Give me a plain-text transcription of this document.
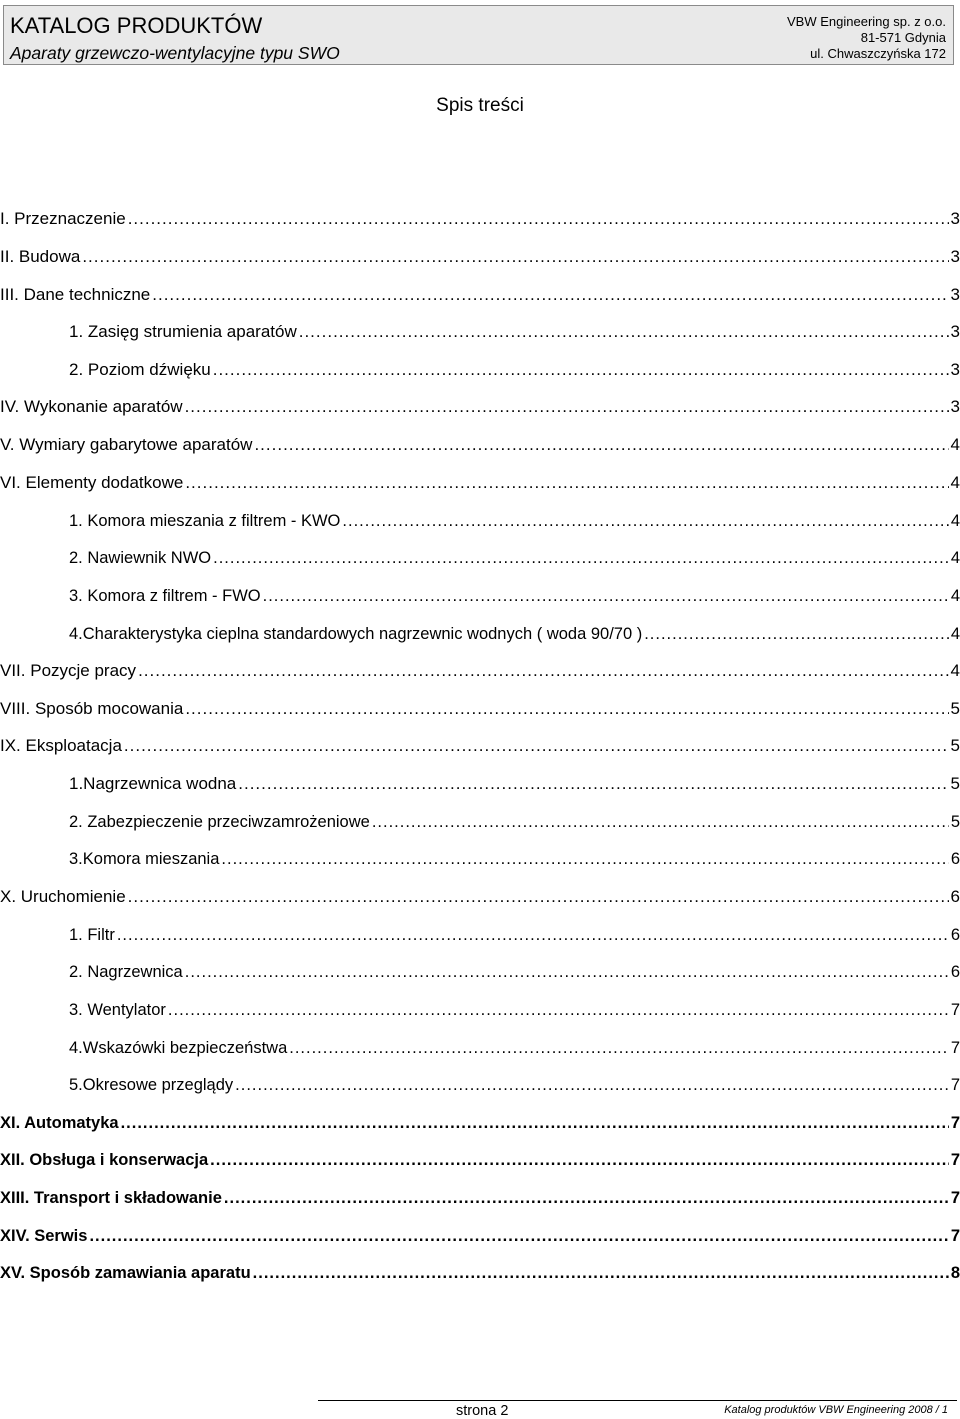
KATALOG PRODUKTÓW
Aparaty grzewczo-wentylacyjne typu SWO
VBW Engineering sp. z o.o.
81-571 Gdynia
ul. Chwaszczyńska 172
Spis treści
I. Przeznaczenie .....	3
II. Budowa .....	3
III. Dane techniczne .....	3
1. Zasięg strumienia aparatów .....	3
2. Poziom dźwięku .....	3
IV. Wykonanie aparatów .....	3
V. Wymiary gabarytowe aparatów .....	4
VI. Elementy dodatkowe .....	4
1. Komora mieszania z filtrem - KWO .....	4
2. Nawiewnik NWO .....	4
3. Komora z filtrem - FWO .....	4
4.Charakterystyka cieplna standardowych nagrzewnic wodnych ( woda 90/70 ) .....	4
VII. Pozycje pracy .....	4
VIII. Sposób mocowania .....	5
IX. Eksploatacja .....	5
1.Nagrzewnica wodna .....	5
2. Zabezpieczenie przeciwzamrożeniowe .....	5
3.Komora mieszania .....	6
X. Uruchomienie .....	6
1. Filtr .....	6
2. Nagrzewnica .....	6
3. Wentylator .....	7
4.Wskazówki bezpieczeństwa .....	7
5.Okresowe przeglądy .....	7
XI. Automatyka .....	7
XII. Obsługa i konserwacja .....	7
XIII. Transport i składowanie .....	7
XIV. Serwis .....	7
XV. Sposób zamawiania aparatu .....	8
strona 2	Katalog produktów VBW Engineering 2008 / 1
